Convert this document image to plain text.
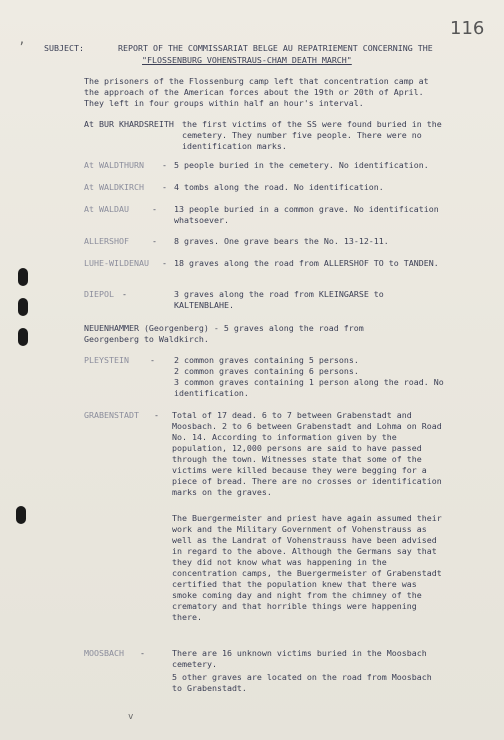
116
’ SUBJECT:	REPORT OF THE COMMISSARIAT BELGE AU REPATRIEMENT CONCERNING THE
"FLOSSENBURG VOHENSTRAUS-CHAM DEATH MARCH"
The prisoners of the Flossenburg camp left that concentration camp at the approach of the American forces about the 19th or 20th of April. They left in four groups within half an hour's interval.
At BUR KHARDSREITH the first victims of the SS were found buried in the cemetery. They number five people. There were no identification marks.
At WALDTHURN - 5 people buried in the cemetery. No identification.
At WALDKIRCH - 4 tombs along the road. No identification.
At WALDAU	- 13 people buried in a common grave. No identification whatsoever.
ALLERSHOF	- 8 graves. One grave bears the No. 13-12-11.
LUHE-WILDENAU - 18 graves along the road from ALLERSHOF TO to TANDEN.
DIEPOL -	3 graves along the road from KLEINGARSE to KALTENBLAHE.
NEUENHAMMER (Georgenberg) - 5 graves along the road from Georgenberg to Waldkirch.
PLEYSTEIN	- 2 common graves containing 5 persons.
2 common graves containing 6 persons.
3 common graves containing 1 person along the road. No identification.
GRABENSTADT - Total of 17 dead. 6 to 7 between Grabenstadt and Moosbach. 2 to 6 between Grabenstadt and Lohma on Road No. 14. According to information given by the population, 12,000 persons are said to have passed through the town. Witnesses state that some of the victims were killed because they were begging for a piece of bread. There are no crosses or identification marks on the graves.
The Buergermeister and priest have again assumed their work and the Military Government of Vohenstrauss as well as the Landrat of Vohenstrauss have been advised in regard to the above. Although the Germans say that they did not know what was happening in the concentration camps, the Buergermeister of Grabenstadt certified that the population knew that there was smoke coming day and night from the chimney of the crematory and that horrible things were happening there.
MOOSBACH -	There are 16 unknown victims buried in the Moosbach cemetery.
5 other graves are located on the road from Moosbach to Grabenstadt.
v
